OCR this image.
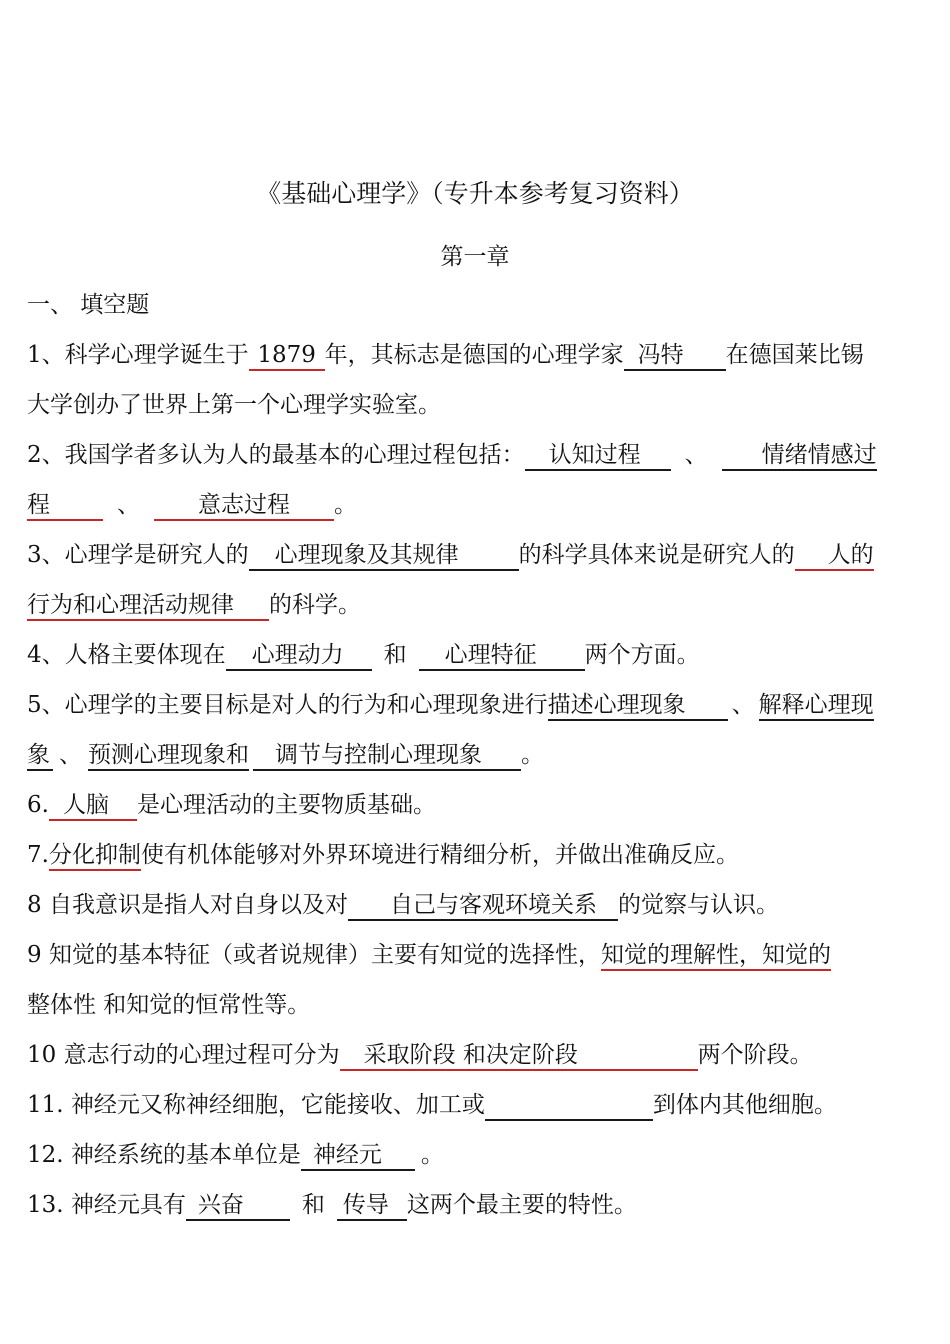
《基础心理学》（专升本参考复习资料）
第一章
一、 填空题
1、科学心理学诞生于 1879 年，其标志是德国的心理学家 冯特 在德国莱比锡
大学创办了世界上第一个心理学实验室。
2、我国学者多认为人的最基本的心理过程包括： 认知过程 、 情绪情感过
程	、	意志过程 。
3、心理学是研究人的 心理现象及其规律	的科学具体来说是研究人的 人的
行为和心理活动规律 的科学。
4、人格主要体现在 心理动力 和 心理特征 两个方面。
5、心理学的主要目标是对人的行为和心理现象进行描述心理现象 、 解释心理现
象 、 预测心理现象和 调节与控制心理现象 。
6. 人脑 是心理活动的主要物质基础。
7.分化抑制使有机体能够对外界环境进行精细分析，并做出准确反应。
8 自我意识是指人对自身以及对 自己与客观环境关系 的觉察与认识。
9 知觉的基本特征（或者说规律）主要有知觉的选择性，知觉的理解性，知觉的
整体性 和知觉的恒常性等。
10 意志行动的心理过程可分为 采取阶段 和决定阶段	两个阶段。
11. 神经元又称神经细胞，它能接收、加工或	到体内其他细胞。
12. 神经系统的基本单位是 神经元 。
13. 神经元具有 兴奋	和 传导 这两个最主要的特性。
